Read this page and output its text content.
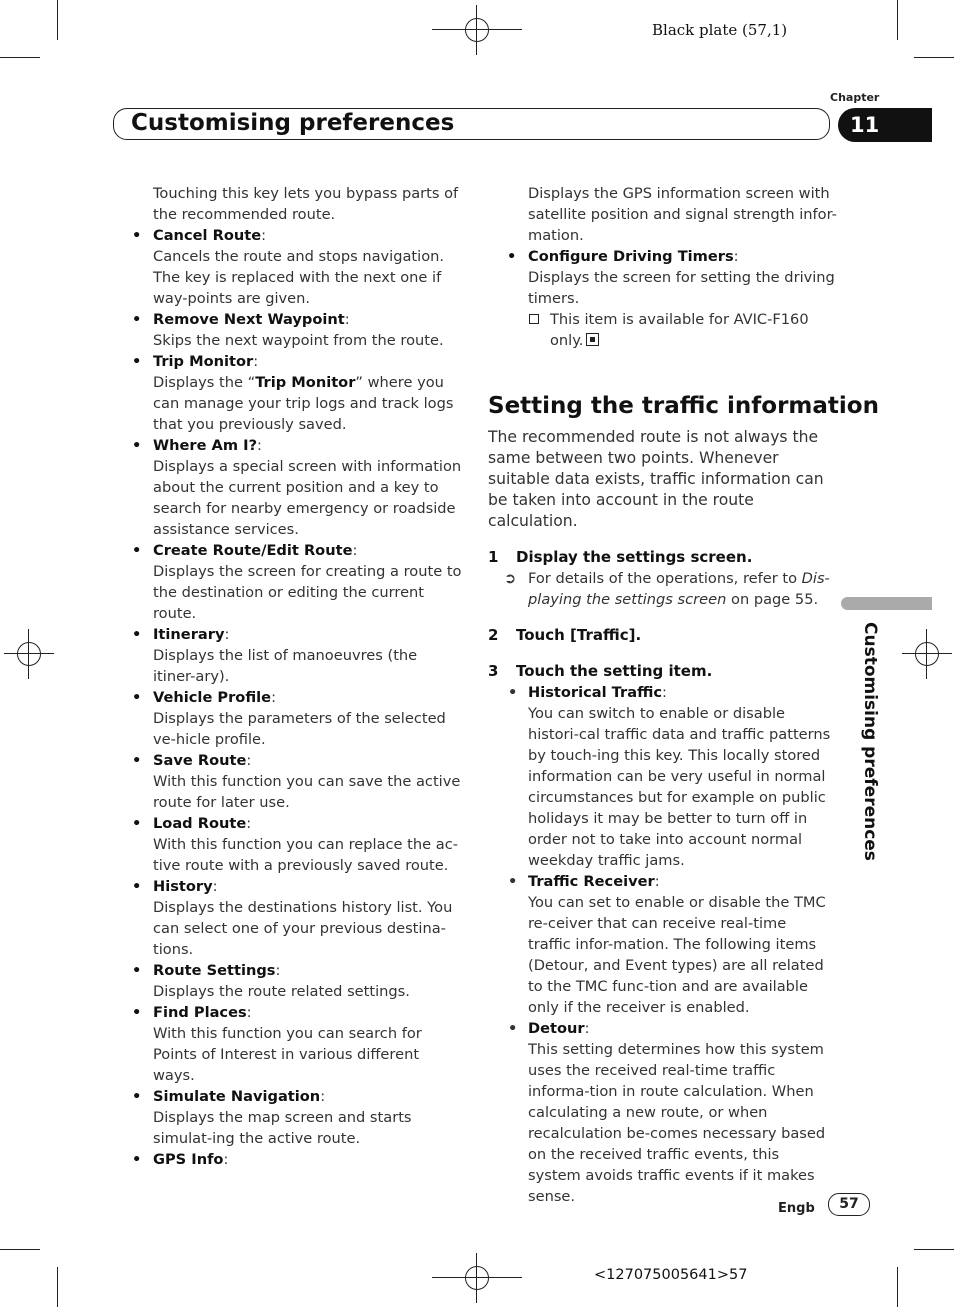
Black plate (57,1)
Customising preferences
Chapter
11

Touching this key lets you bypass parts of the recommended route.

• Cancel Route:
Cancels the route and stops navigation. The key is replaced with the next one if way-points are given.
• Remove Next Waypoint:
Skips the next waypoint from the route.
• Trip Monitor:
Displays the “Trip Monitor” where you can manage your trip logs and track logs that you previously saved.
• Where Am I?:
Displays a special screen with information about the current position and a key to search for nearby emergency or roadside assistance services.
• Create Route/Edit Route:
Displays the screen for creating a route to the destination or editing the current route.
• Itinerary:
Displays the list of manoeuvres (the itiner-ary).
• Vehicle Profile:
Displays the parameters of the selected ve-hicle profile.
• Save Route:
With this function you can save the active route for later use.
• Load Route:
With this function you can replace the ac-tive route with a previously saved route.
• History:
Displays the destinations history list. You can select one of your previous destina-tions.
• Route Settings:
Displays the route related settings.
• Find Places:
With this function you can search for Points of Interest in various different ways.
• Simulate Navigation:
Displays the map screen and starts simulat-ing the active route.
• GPS Info:

Displays the GPS information screen with satellite position and signal strength infor-mation.

• Configure Driving Timers:
Displays the screen for setting the driving timers.
This item is available for AVIC-F160 only.
Setting the traffic information

The recommended route is not always the same between two points. Whenever suitable data exists, traffic information can be taken into account in the route calculation.

1 Display the settings screen.
➲ For details of the operations, refer to Dis-playing the settings screen on page 55.
2 Touch [Traffic].
3 Touch the setting item.
• Historical Traffic:
You can switch to enable or disable histori-cal traffic data and traffic patterns by touch-ing this key. This locally stored information can be very useful in normal circumstances but for example on public holidays it may be better to turn off in order not to take into account normal weekday traffic jams.
• Traffic Receiver:
You can set to enable or disable the TMC re-ceiver that can receive real-time traffic infor-mation. The following items (Detour, and Event types) are all related to the TMC func-tion and are available only if the receiver is enabled.
• Detour:
This setting determines how this system uses the received real-time traffic informa-tion in route calculation. When calculating a new route, or when recalculation be-comes necessary based on the received traffic events, this system avoids traffic events if it makes sense.
Customising preferences
Engb	57
<127075005641>57
